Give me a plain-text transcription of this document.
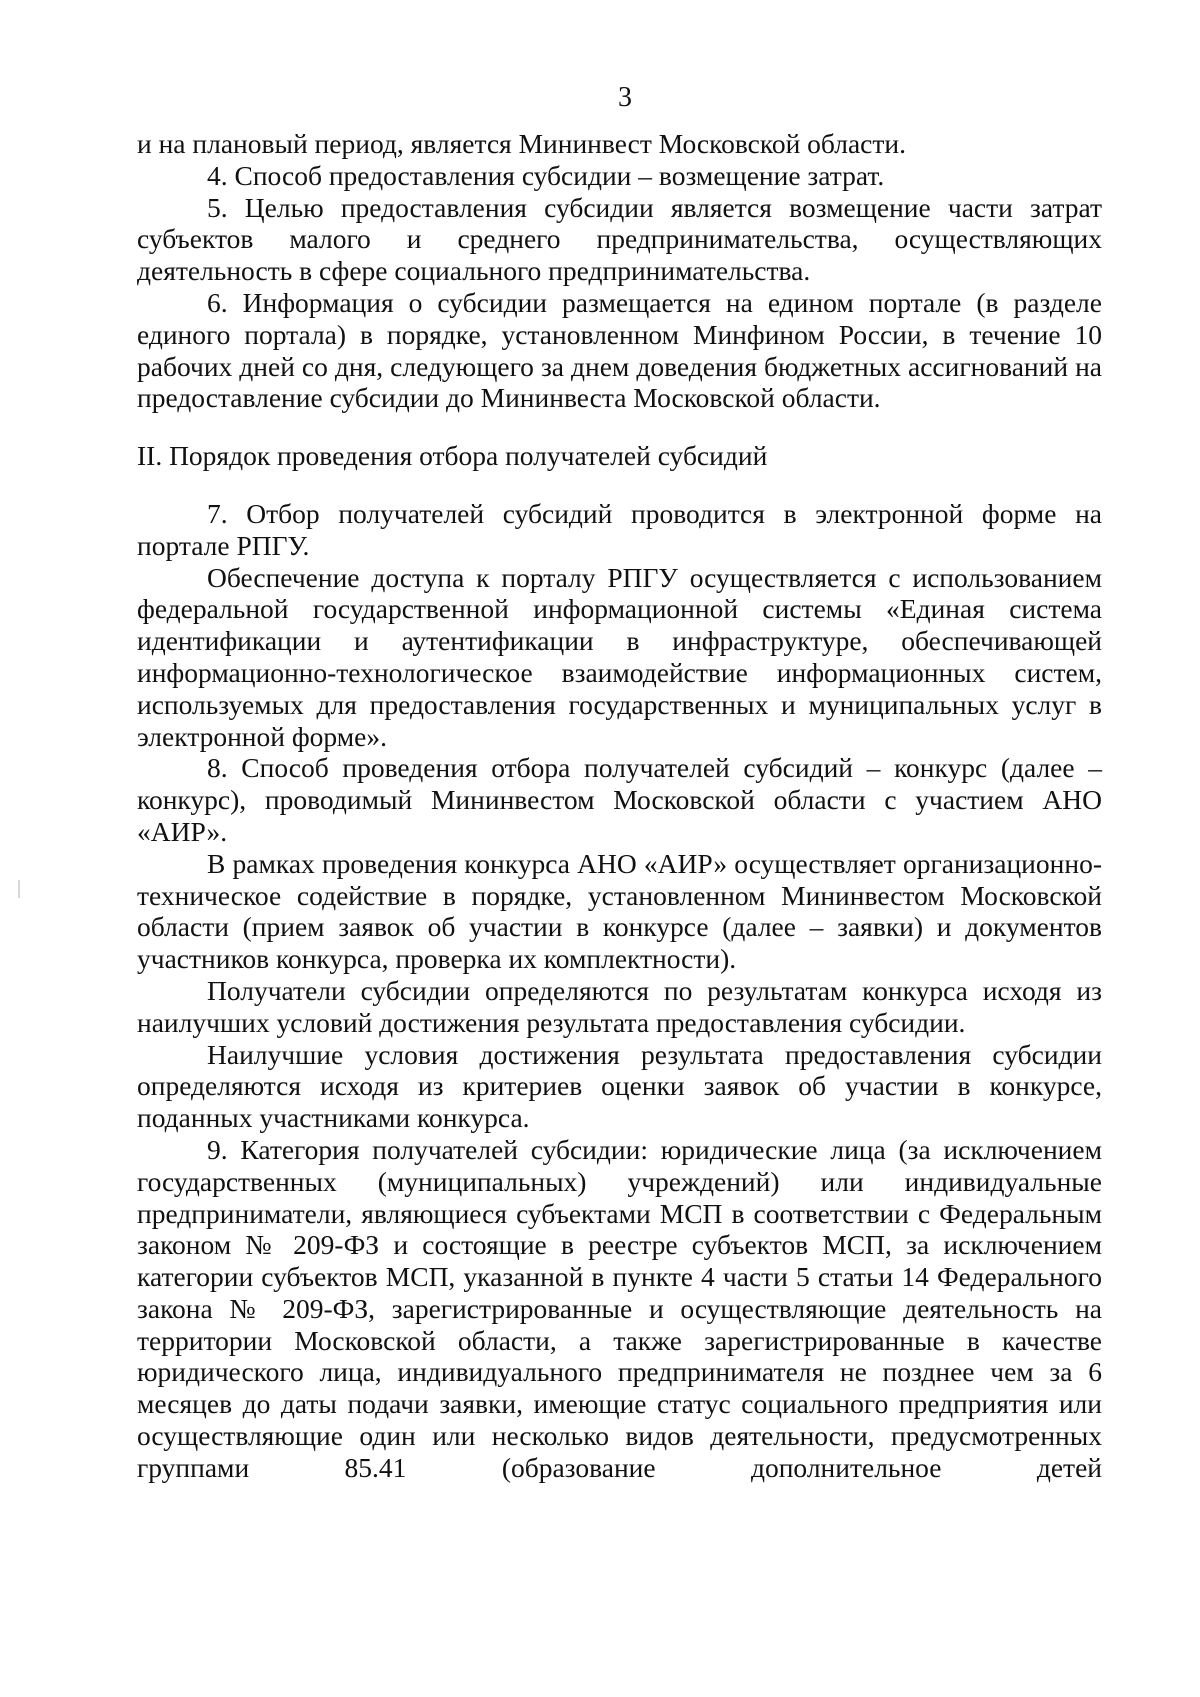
3

и на плановый период, является Мининвест Московской области.

4. Способ предоставления субсидии – возмещение затрат.

5. Целью предоставления субсидии является возмещение части затрат субъектов малого и среднего предпринимательства, осуществляющих деятельность в сфере социального предпринимательства.

6. Информация о субсидии размещается на едином портале (в разделе единого портала) в порядке, установленном Минфином России, в течение 10 рабочих дней со дня, следующего за днем доведения бюджетных ассигнований на предоставление субсидии до Мининвеста Московской области.

II. Порядок проведения отбора получателей субсидий

7. Отбор получателей субсидий проводится в электронной форме на портале РПГУ.

Обеспечение доступа к порталу РПГУ осуществляется с использованием федеральной государственной информационной системы «Единая система идентификации и аутентификации в инфраструктуре, обеспечивающей информационно-технологическое взаимодействие информационных систем, используемых для предоставления государственных и муниципальных услуг в электронной форме».

8. Способ проведения отбора получателей субсидий – конкурс (далее – конкурс), проводимый Мининвестом Московской области с участием АНО «АИР».

В рамках проведения конкурса АНО «АИР» осуществляет организационно-техническое содействие в порядке, установленном Мининвестом Московской области (прием заявок об участии в конкурсе (далее – заявки) и документов участников конкурса, проверка их комплектности).

Получатели субсидии определяются по результатам конкурса исходя из наилучших условий достижения результата предоставления субсидии.

Наилучшие условия достижения результата предоставления субсидии определяются исходя из критериев оценки заявок об участии в конкурсе, поданных участниками конкурса.

9. Категория получателей субсидии: юридические лица (за исключением государственных (муниципальных) учреждений) или индивидуальные предприниматели, являющиеся субъектами МСП в соответствии с Федеральным законом № 209-ФЗ и состоящие в реестре субъектов МСП, за исключением категории субъектов МСП, указанной в пункте 4 части 5 статьи 14 Федерального закона № 209-ФЗ, зарегистрированные и осуществляющие деятельность на территории Московской области, а также зарегистрированные в качестве юридического лица, индивидуального предпринимателя не позднее чем за 6 месяцев до даты подачи заявки, имеющие статус социального предприятия или осуществляющие один или несколько видов деятельности, предусмотренных группами 85.41 (образование дополнительное детей
